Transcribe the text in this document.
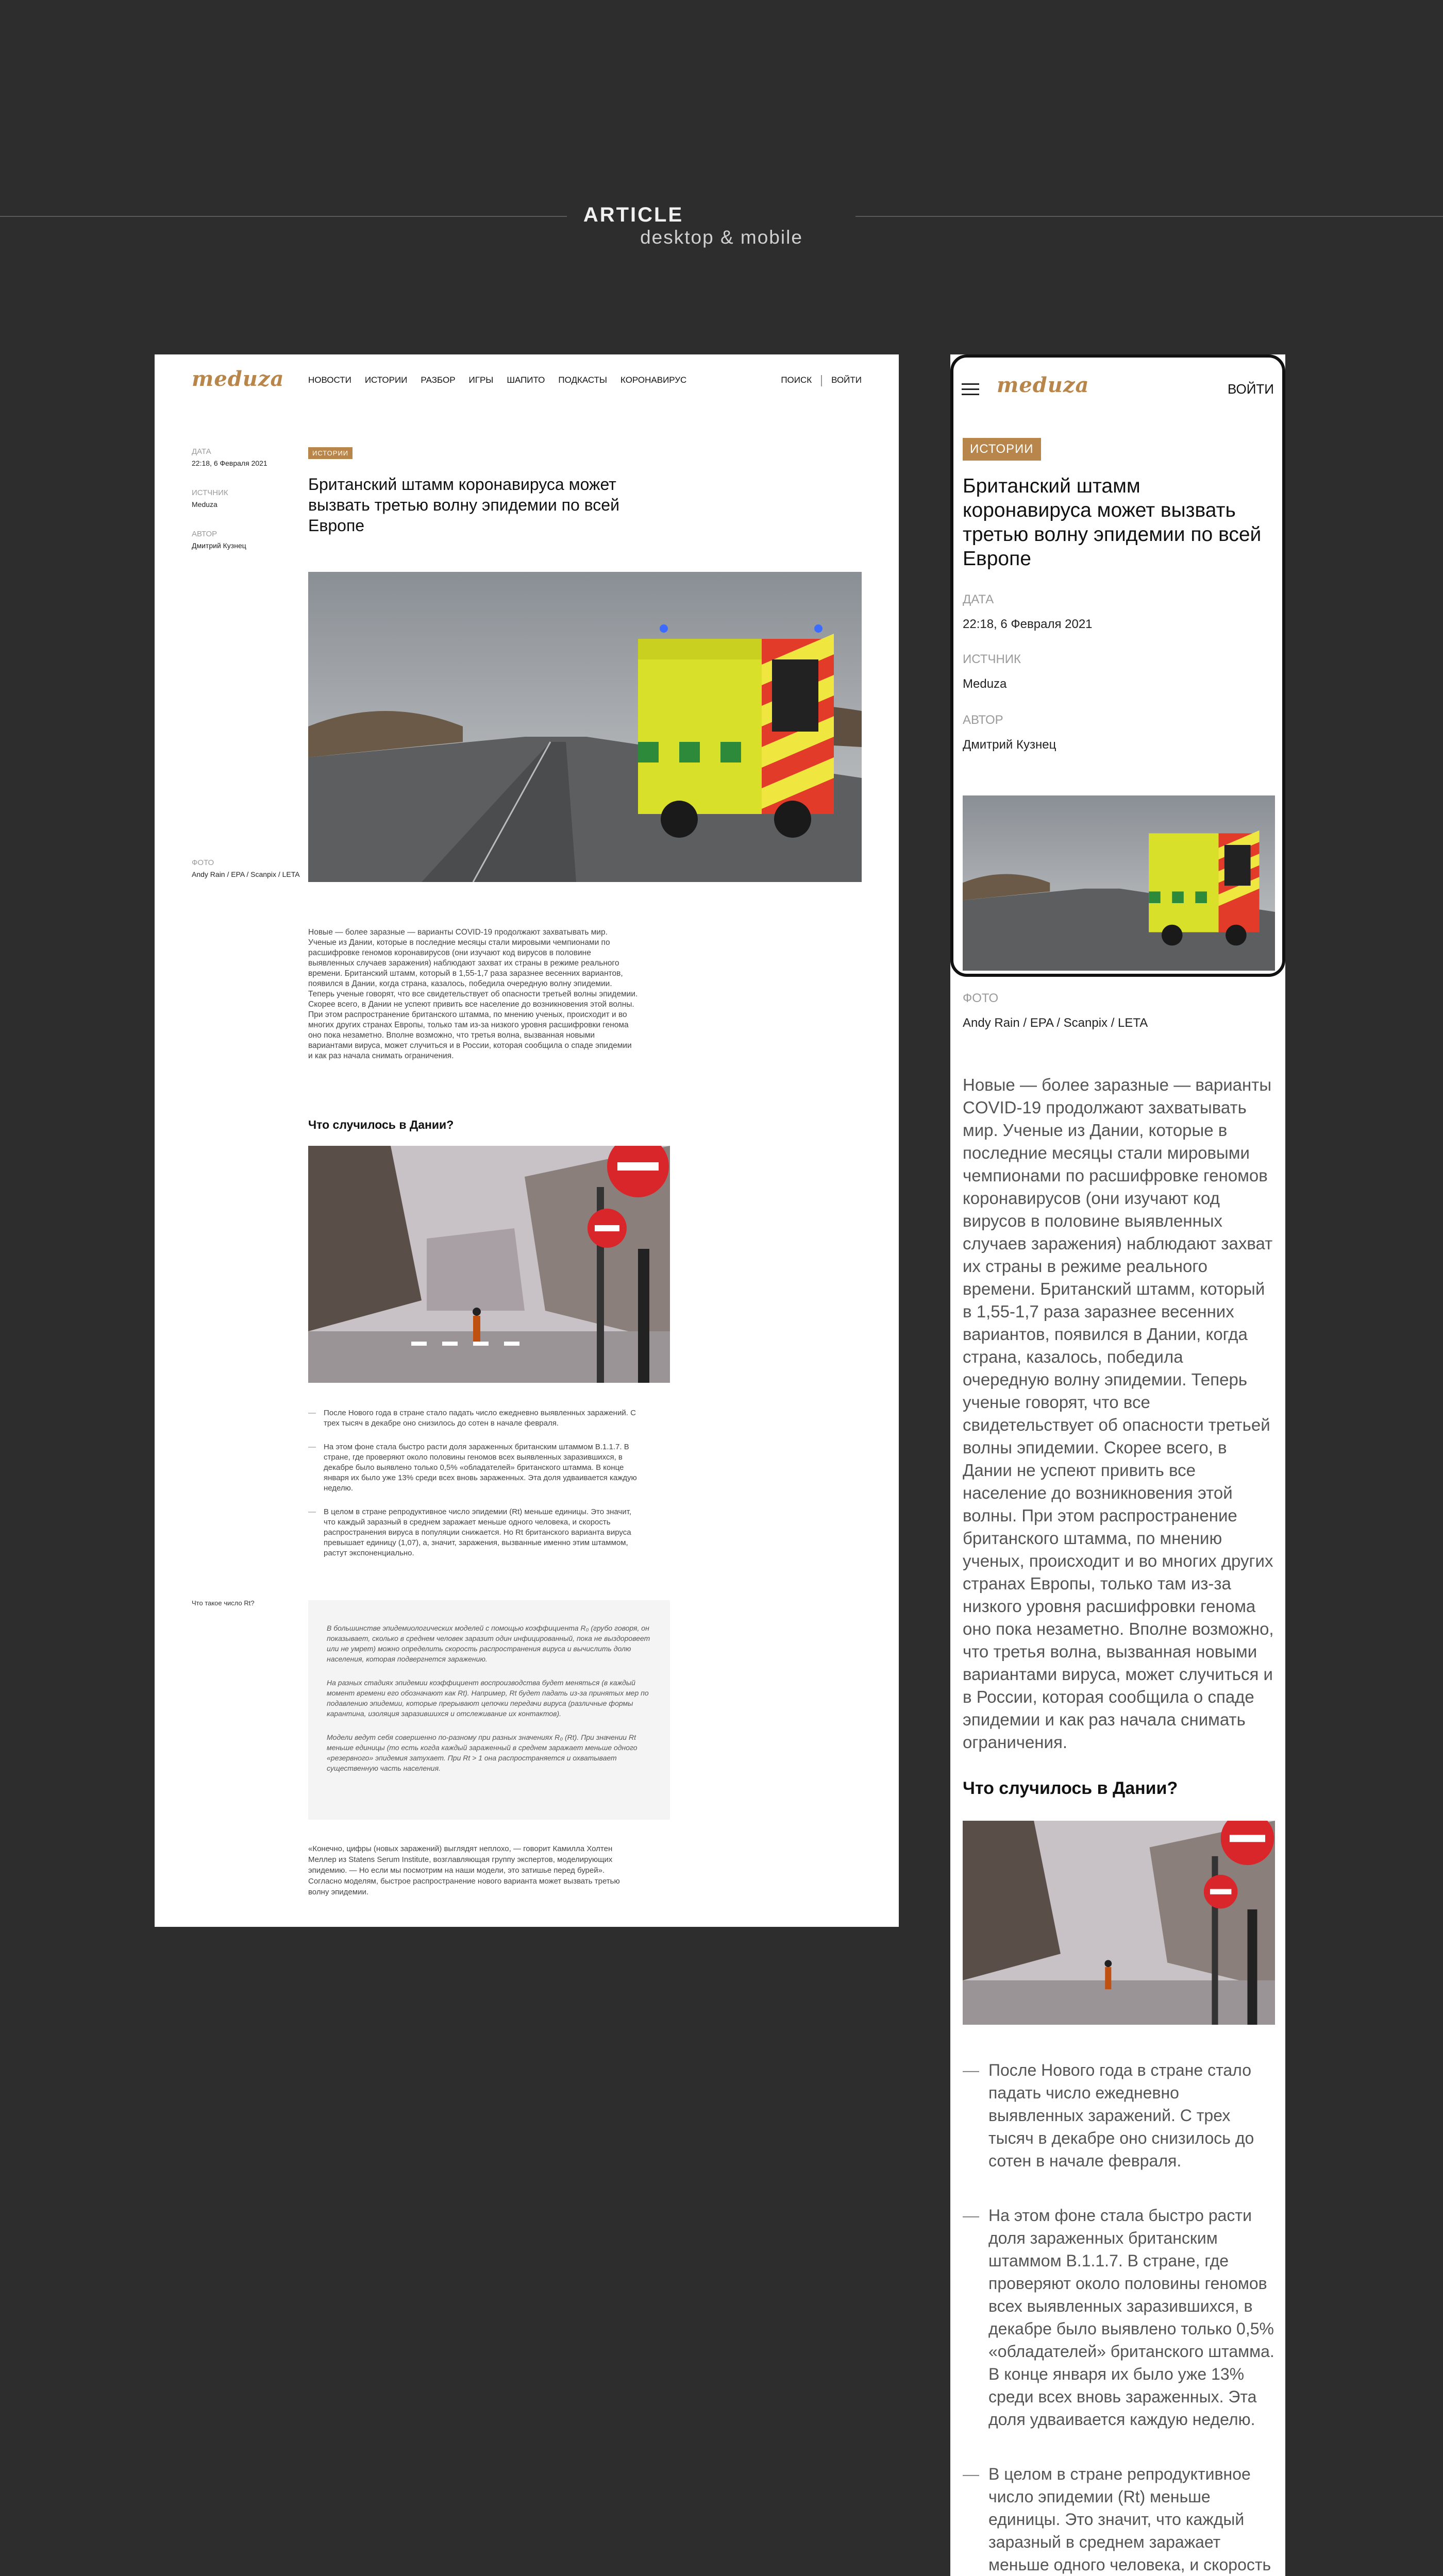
ARTICLE
desktop & mobile
meduza	НОВОСТИ ИСТОРИИ РАЗБОР ИГРЫ ШАПИТО ПОДКАСТЫ КОРОНАВИРУС	ПОИСК ВОЙТИ
ДАТА
22:18, 6 Февраля 2021
ИСТЧНИК
Meduza
АВТОР
Дмитрий Кузнец
ФОТО
Andy Rain / EPA / Scanpix / LETA
ИСТОРИИ
Британский штамм коронавируса может вызвать третью волну эпидемии по всей Европе
Новые — более заразные — варианты COVID-19 продолжают захватывать мир. Ученые из Дании, которые в последние месяцы стали мировыми чемпионами по расшифровке геномов коронавирусов (они изучают код вирусов в половине выявленных случаев заражения) наблюдают захват их страны в режиме реального времени. Британский штамм, который в 1,55-1,7 раза заразнее весенних вариантов, появился в Дании, когда страна, казалось, победила очередную волну эпидемии. Теперь ученые говорят, что все свидетельствует об опасности третьей волны эпидемии. Скорее всего, в Дании не успеют привить все население до возникновения этой волны. При этом распространение британского штамма, по мнению ученых, происходит и во многих других странах Европы, только там из-за низкого уровня расшифровки генома оно пока незаметно. Вполне возможно, что третья волна, вызванная новыми вариантами вируса, может случиться и в России, которая сообщила о спаде эпидемии и как раз начала снимать ограничения.
Что случилось в Дании?
—	После Нового года в стране стало падать число ежедневно выявленных заражений. С трех тысяч в декабре оно снизилось до сотен в начале февраля.
—	На этом фоне стала быстро расти доля зараженных британским штаммом B.1.1.7. В стране, где проверяют около половины геномов всех выявленных заразившихся, в декабре было выявлено только 0,5% «обладателей» британского штамма. В конце января их было уже 13% среди всех вновь зараженных. Эта доля удваивается каждую неделю.
—	В целом в стране репродуктивное число эпидемии (Rt) меньше единицы. Это значит, что каждый заразный в среднем заражает меньше одного человека, и скорость распространения вируса в популяции снижается. Но Rt британского варианта вируса превышает единицу (1,07), а, значит, заражения, вызванные именно этим штаммом, растут экспоненциально.
Что такое число Rt?

В большинстве эпидемиологических моделей с помощью коэффициента R₀ (грубо говоря, он показывает, сколько в среднем человек заразит один инфицированный, пока не выздоровеет или не умрет) можно определить скорость распространения вируса и вычислить долю населения, которая подвергнется заражению.

На разных стадиях эпидемии коэффициент воспроизводства будет меняться (в каждый момент времени его обозначают как Rt). Например, Rt будет падать из-за принятых мер по подавлению эпидемии, которые прерывают цепочки передачи вируса (различные формы карантина, изоляция заразившихся и отслеживание их контактов).

Модели ведут себя совершенно по-разному при разных значениях R₀ (Rt). При значении Rt меньше единицы (то есть когда каждый зараженный в среднем заражает меньше одного «резервного» эпидемия затухает. При Rt > 1 она распространяется и охватывает существенную часть населения.

«Конечно, цифры (новых заражений) выглядят неплохо, — говорит Камилла Холтен Меллер из Statens Serum Institute, возглавляющая группу экспертов, моделирующих эпидемию. — Но если мы посмотрим на наши модели, это затишье перед бурей». Согласно моделям, быстрое распространение нового варианта может вызвать третью волну эпидемии.
meduza	ВОЙТИ
ИСТОРИИ
Британский штамм коронавируса может вызвать третью волну эпидемии по всей Европе
ДАТА
22:18, 6 Февраля 2021
ИСТЧНИК
Meduza
АВТОР
Дмитрий Кузнец
ФОТО
Andy Rain / EPA / Scanpix / LETA
Новые — более заразные — варианты COVID-19 продолжают захватывать мир. Ученые из Дании, которые в последние месяцы стали мировыми чемпионами по расшифровке геномов коронавирусов (они изучают код вирусов в половине выявленных случаев заражения) наблюдают захват их страны в режиме реального времени. Британский штамм, который в 1,55-1,7 раза заразнее весенних вариантов, появился в Дании, когда страна, казалось, победила очередную волну эпидемии. Теперь ученые говорят, что все свидетельствует об опасности третьей волны эпидемии. Скорее всего, в Дании не успеют привить все население до возникновения этой волны. При этом распространение британского штамма, по мнению ученых, происходит и во многих других странах Европы, только там из-за низкого уровня расшифровки генома оно пока незаметно. Вполне возможно, что третья волна, вызванная новыми вариантами вируса, может случиться и в России, которая сообщила о спаде эпидемии и как раз начала снимать ограничения.
Что случилось в Дании?
— После Нового года в стране стало падать число ежедневно выявленных заражений. С трех тысяч в декабре оно снизилось до сотен в начале февраля.
— На этом фоне стала быстро расти доля зараженных британским штаммом B.1.1.7. В стране, где проверяют около половины геномов всех выявленных заразившихся, в декабре было выявлено только 0,5% «обладателей» британского штамма. В конце января их было уже 13% среди всех вновь зараженных. Эта доля удваивается каждую неделю.
— В целом в стране репродуктивное число эпидемии (Rt) меньше единицы. Это значит, что каждый заразный в среднем заражает меньше одного человека, и скорость
